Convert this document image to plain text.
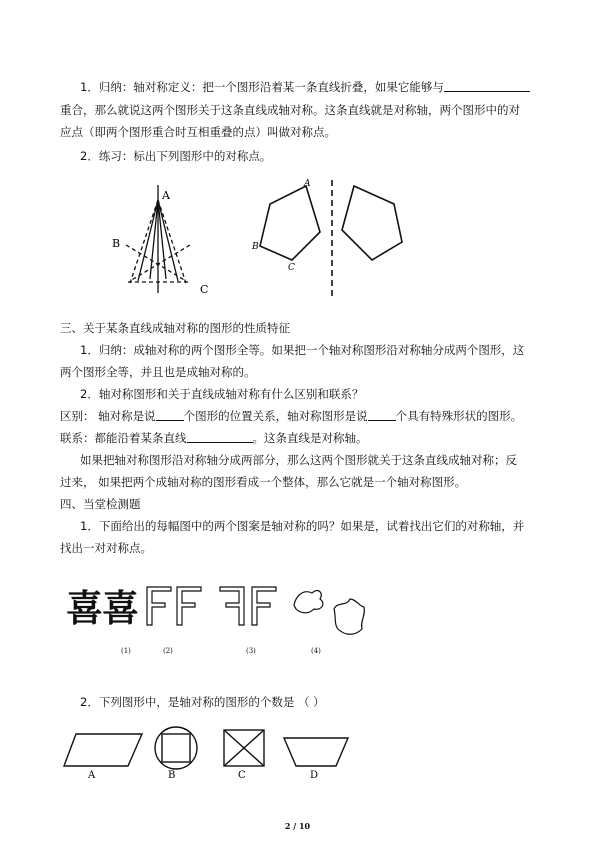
1．归纳：轴对称定义：把一个图形沿着某一条直线折叠，如果它能够与
重合，那么就说这两个图形关于这条直线成轴对称。这条直线就是对称轴，两个图形中的对
应点（即两个图形重合时互相重叠的点）叫做对称点。
2．练习：标出下列图形中的对称点。
A
B
C
A
B
C
三、关于某条直线成轴对称的图形的性质特征
1．归纳：成轴对称的两个图形全等。如果把一个轴对称图形沿对称轴分成两个图形，这
两个图形全等，并且也是成轴对称的。
2．轴对称图形和关于直线成轴对称有什么区别和联系？
区别： 轴对称是说 个图形的位置关系，轴对称图形是说 个具有特殊形状的图形。
联系：都能沿着某条直线	。这条直线是对称轴。
如果把轴对称图形沿对称轴分成两部分，那么这两个图形就关于这条直线成轴对称；反
过来， 如果把两个成轴对称的图形看成一个整体，那么它就是一个轴对称图形。
四、当堂检测题
1．下面给出的每幅图中的两个图案是轴对称的吗？如果是，试着找出它们的对称轴，并
找出一对对称点。
喜 喜
(1)	(2)	(3)	(4)
2．下列图形中，是轴对称的图形的个数是 （ ）
A	B	C	D
2 / 10
